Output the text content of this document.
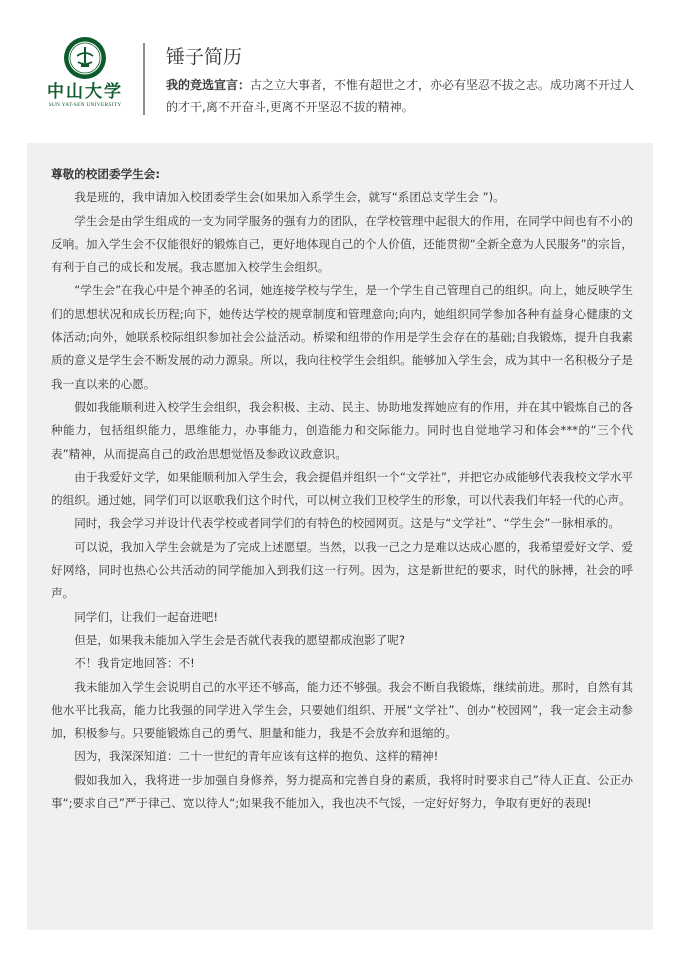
中山大学
SUN YAT-SEN UNIVERSITY
锤子简历
我的竞选宣言：古之立大事者，不惟有超世之才，亦必有坚忍不拔之志。成功离不开过人的才干,离不开奋斗,更离不开坚忍不拔的精神。

尊敬的校团委学生会:

我是班的，我申请加入校团委学生会(如果加入系学生会，就写“系团总支学生会 ”)。

学生会是由学生组成的一支为同学服务的强有力的团队，在学校管理中起很大的作用，在同学中间也有不小的反响。加入学生会不仅能很好的锻炼自己，更好地体现自己的个人价值，还能贯彻“全新全意为人民服务”的宗旨，有利于自己的成长和发展。我志愿加入校学生会组织。

“学生会”在我心中是个神圣的名词，她连接学校与学生，是一个学生自己管理自己的组织。向上，她反映学生们的思想状况和成长历程;向下，她传达学校的规章制度和管理意向;向内，她组织同学参加各种有益身心健康的文体活动;向外，她联系校际组织参加社会公益活动。桥梁和纽带的作用是学生会存在的基础;自我锻炼，提升自我素质的意义是学生会不断发展的动力源泉。所以，我向往校学生会组织。能够加入学生会，成为其中一名积极分子是我一直以来的心愿。

假如我能顺利进入校学生会组织，我会积极、主动、民主、协助地发挥她应有的作用，并在其中锻炼自己的各种能力，包括组织能力，思维能力，办事能力，创造能力和交际能力。同时也自觉地学习和体会***的“三个代表”精神，从而提高自己的政治思想觉悟及参政议政意识。

由于我爱好文学，如果能顺利加入学生会，我会提倡并组织一个“文学社”，并把它办成能够代表我校文学水平的组织。通过她，同学们可以讴歌我们这个时代，可以树立我们卫校学生的形象，可以代表我们年轻一代的心声。

同时，我会学习并设计代表学校或者同学们的有特色的校园网页。这是与“文学社”、“学生会”一脉相承的。

可以说，我加入学生会就是为了完成上述愿望。当然，以我一己之力是难以达成心愿的，我希望爱好文学、爱好网络，同时也热心公共活动的同学能加入到我们这一行列。因为，这是新世纪的要求，时代的脉搏，社会的呼声。

同学们，让我们一起奋进吧!

但是，如果我未能加入学生会是否就代表我的愿望都成泡影了呢?

不！我肯定地回答：不!

我未能加入学生会说明自己的水平还不够高，能力还不够强。我会不断自我锻炼，继续前进。那时，自然有其他水平比我高，能力比我强的同学进入学生会，只要她们组织、开展“文学社”、创办“校园网”，我一定会主动参加，积极参与。只要能锻炼自己的勇气、胆量和能力，我是不会放弃和退缩的。

因为，我深深知道：二十一世纪的青年应该有这样的抱负、这样的精神!

假如我加入，我将进一步加强自身修养，努力提高和完善自身的素质，我将时时要求自己”待人正直、公正办事“;要求自己”严于律己、宽以待人“;如果我不能加入，我也决不气馁，一定好好努力，争取有更好的表现!
